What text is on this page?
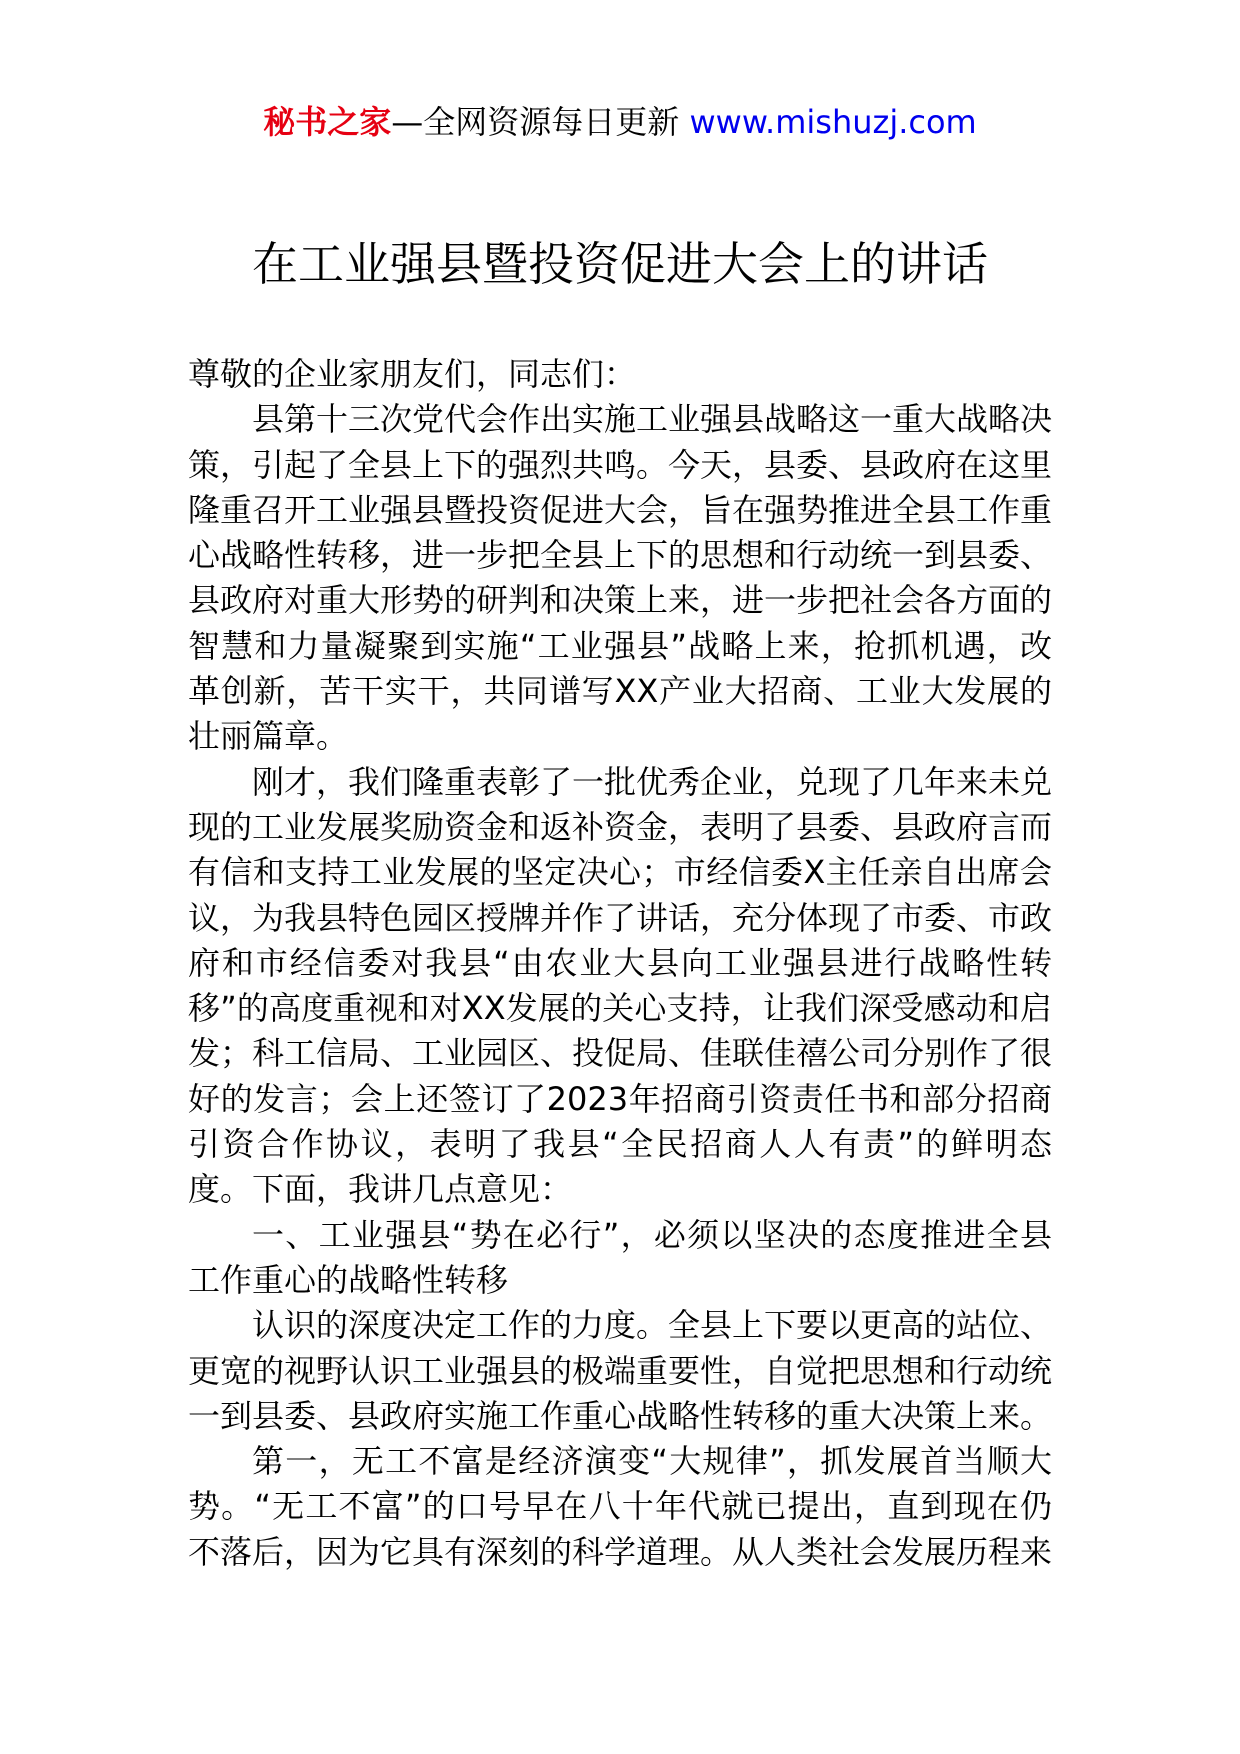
秘书之家—全网资源每日更新 www.mishuzj.com
在工业强县暨投资促进大会上的讲话

尊敬的企业家朋友们，同志们：

县第十三次党代会作出实施工业强县战略这一重大战略决策，引起了全县上下的强烈共鸣。今天，县委、县政府在这里隆重召开工业强县暨投资促进大会，旨在强势推进全县工作重心战略性转移，进一步把全县上下的思想和行动统一到县委、县政府对重大形势的研判和决策上来，进一步把社会各方面的智慧和力量凝聚到实施“工业强县”战略上来，抢抓机遇，改革创新，苦干实干，共同谱写XX产业大招商、工业大发展的壮丽篇章。

刚才，我们隆重表彰了一批优秀企业，兑现了几年来未兑现的工业发展奖励资金和返补资金，表明了县委、县政府言而有信和支持工业发展的坚定决心；市经信委X主任亲自出席会议，为我县特色园区授牌并作了讲话，充分体现了市委、市政府和市经信委对我县“由农业大县向工业强县进行战略性转移”的高度重视和对XX发展的关心支持，让我们深受感动和启发；科工信局、工业园区、投促局、佳联佳禧公司分别作了很好的发言；会上还签订了2023年招商引资责任书和部分招商引资合作协议，表明了我县“全民招商人人有责”的鲜明态度。下面，我讲几点意见：

一、工业强县“势在必行”，必须以坚决的态度推进全县工作重心的战略性转移

认识的深度决定工作的力度。全县上下要以更高的站位、更宽的视野认识工业强县的极端重要性，自觉把思想和行动统一到县委、县政府实施工作重心战略性转移的重大决策上来。

第一，无工不富是经济演变“大规律”，抓发展首当顺大势。“无工不富”的口号早在八十年代就已提出，直到现在仍不落后，因为它具有深刻的科学道理。从人类社会发展历程来
